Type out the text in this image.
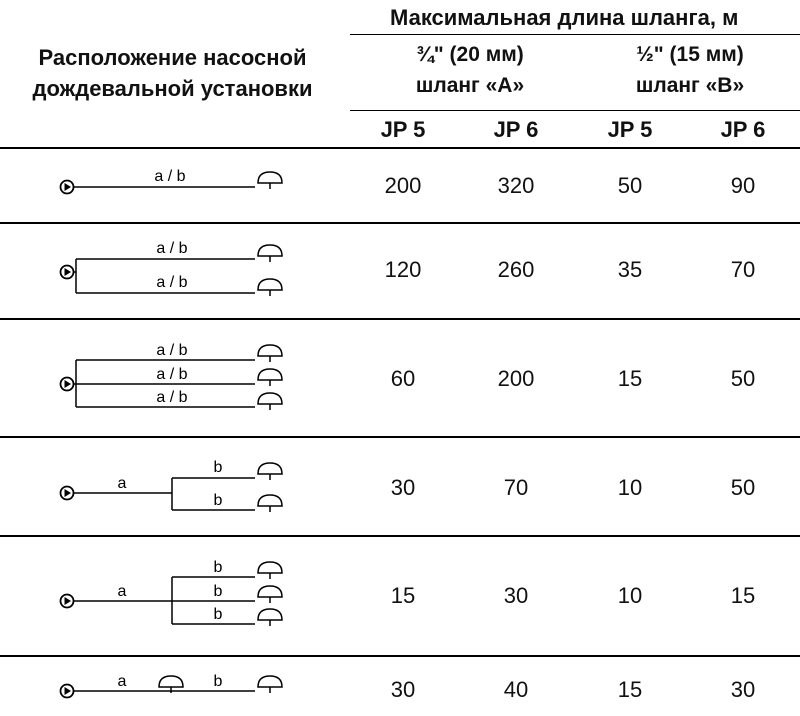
Максимальная длина шланга, м
Расположение насосной
дождевальной установки
¾" (20 мм)
шланг «A»
½" (15 мм)
шланг «B»
JP 5	JP 6	JP 5	JP 6
200	320	50	90
120	260	35	70
60	200	15	50
30	70	10	50
15	30	10	15
30	40	15	30
a / b
a / b
a / b
a / b
a / b
a / b
a
b
b
a
b
b
b
a	b
